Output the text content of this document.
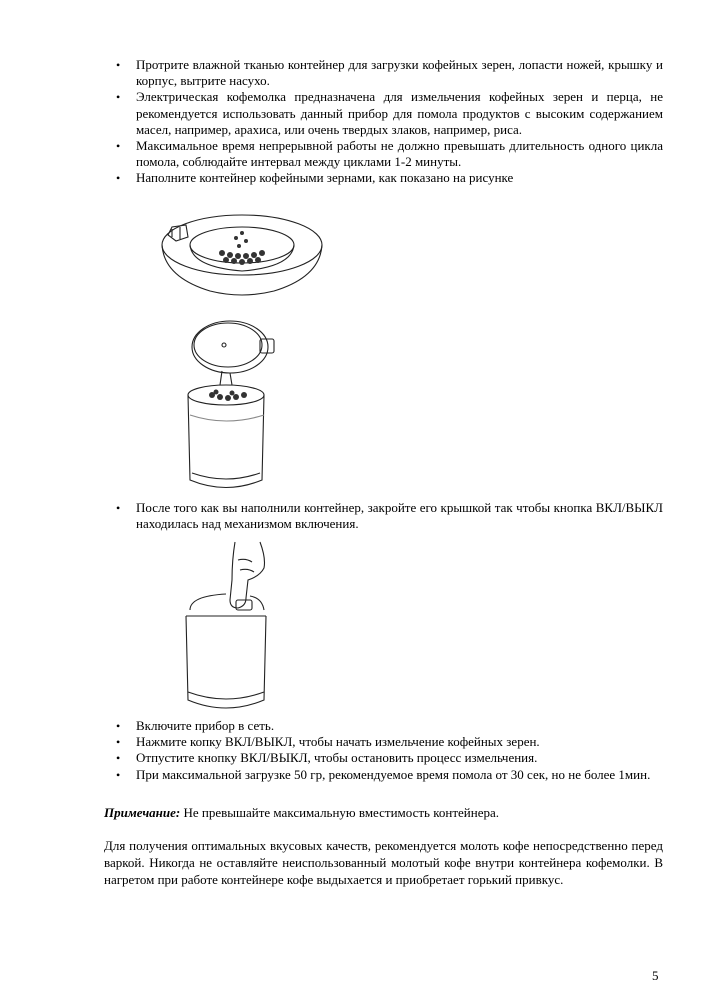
• Протрите влажной тканью контейнер для загрузки кофейных зерен, лопасти ножей, крышку и корпус, вытрите насухо.
• Электрическая кофемолка предназначена для измельчения кофейных зерен и перца, не рекомендуется использовать данный прибор для помола продуктов с высоким содержанием масел, например, арахиса, или очень твердых злаков, например, риса.
• Максимальное время непрерывной работы не должно превышать длительность одного цикла помола, соблюдайте интервал между циклами 1-2 минуты.
• Наполните контейнер кофейными зернами, как показано на рисунке
• После того как вы наполнили контейнер, закройте его крышкой так чтобы кнопка ВКЛ/ВЫКЛ находилась над механизмом включения.
• Включите прибор в сеть.
• Нажмите копку ВКЛ/ВЫКЛ, чтобы начать измельчение кофейных зерен.
• Отпустите кнопку ВКЛ/ВЫКЛ, чтобы остановить процесс измельчения.
• При максимальной загрузке 50 гр, рекомендуемое время помола от 30 сек, но не более 1мин.
Примечание: Не превышайте максимальную вместимость контейнера.
Для получения оптимальных вкусовых качеств, рекомендуется молоть кофе непосредственно перед варкой. Никогда не оставляйте неиспользованный молотый кофе внутри контейнера кофемолки. В нагретом при работе контейнере кофе выдыхается и приобретает горький привкус.
5
